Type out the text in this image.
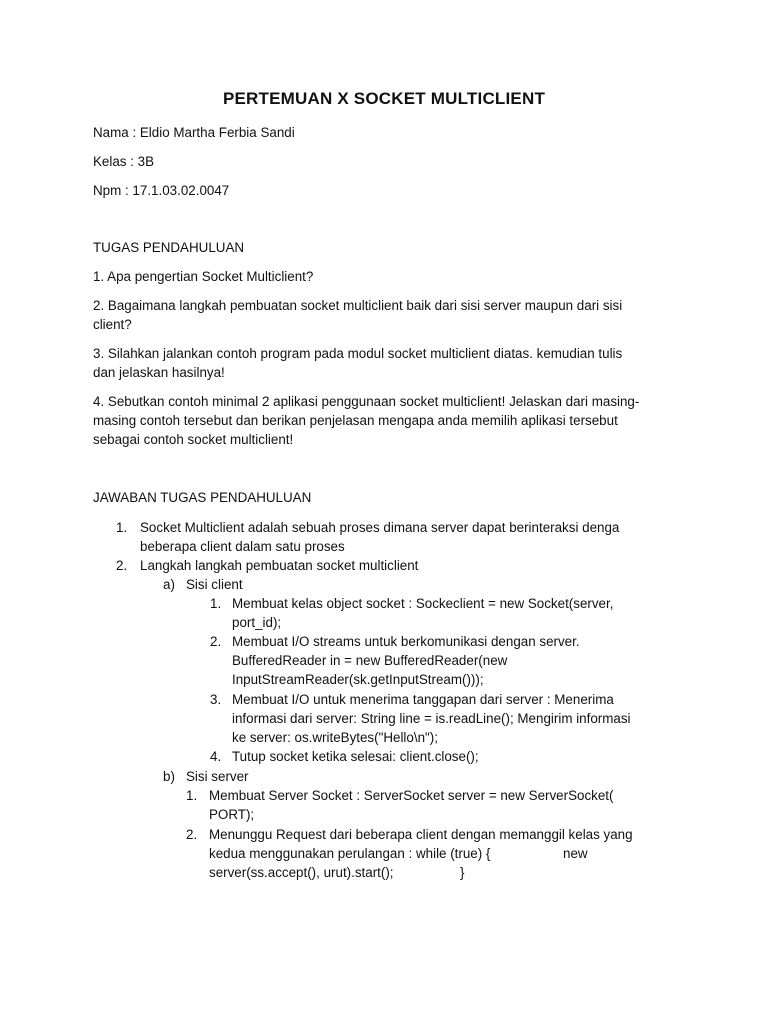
PERTEMUAN X SOCKET MULTICLIENT
Nama : Eldio Martha Ferbia Sandi
Kelas : 3B
Npm : 17.1.03.02.0047
TUGAS PENDAHULUAN
1. Apa pengertian Socket Multiclient?
2. Bagaimana langkah pembuatan socket multiclient baik dari sisi server maupun dari sisi
client?
3. Silahkan jalankan contoh program pada modul socket multiclient diatas. kemudian tulis
dan jelaskan hasilnya!
4. Sebutkan contoh minimal 2 aplikasi penggunaan socket multiclient! Jelaskan dari masing-
masing contoh tersebut dan berikan penjelasan mengapa anda memilih aplikasi tersebut
sebagai contoh socket multiclient!
JAWABAN TUGAS PENDAHULUAN
1. Socket Multiclient adalah sebuah proses dimana server dapat berinteraksi denga
beberapa client dalam satu proses
2. Langkah langkah pembuatan socket multiclient
a) Sisi client
1. Membuat kelas object socket : Sockeclient = new Socket(server,
port_id);
2. Membuat I/O streams untuk berkomunikasi dengan server.
BufferedReader in = new BufferedReader(new
InputStreamReader(sk.getInputStream()));
3. Membuat I/O untuk menerima tanggapan dari server : Menerima
informasi dari server: String line = is.readLine(); Mengirim informasi
ke server: os.writeBytes("Hello\n");
4. Tutup socket ketika selesai: client.close();
b) Sisi server
1. Membuat Server Socket : ServerSocket server = new ServerSocket(
PORT);
2. Menunggu Request dari beberapa client dengan memanggil kelas yang
kedua menggunakan perulangan : while (true) {	new
server(ss.accept(), urut).start();	}
